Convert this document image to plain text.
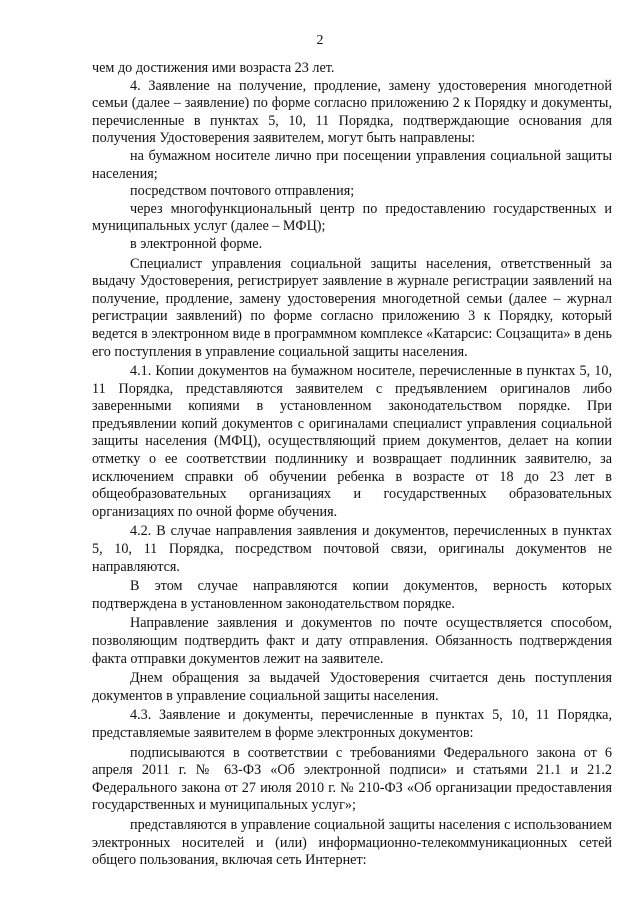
2

чем до достижения ими возраста 23 лет.

4. Заявление на получение, продление, замену удостоверения многодетной семьи (далее – заявление) по форме согласно приложению 2 к Порядку и документы, перечисленные в пунктах 5, 10, 11 Порядка, подтверждающие основания для получения Удостоверения заявителем, могут быть направлены:

на бумажном носителе лично при посещении управления социальной защиты населения;

посредством почтового отправления;

через многофункциональный центр по предоставлению государственных и муниципальных услуг (далее – МФЦ);

в электронной форме.

Специалист управления социальной защиты населения, ответственный за выдачу Удостоверения, регистрирует заявление в журнале регистрации заявлений на получение, продление, замену удостоверения многодетной семьи (далее – журнал регистрации заявлений) по форме согласно приложению 3 к Порядку, который ведется в электронном виде в программном комплексе «Катарсис: Соцзащита» в день его поступления в управление социальной защиты населения.

4.1. Копии документов на бумажном носителе, перечисленные в пунктах 5, 10, 11 Порядка, представляются заявителем с предъявлением оригиналов либо заверенными копиями в установленном законодательством порядке. При предъявлении копий документов с оригиналами специалист управления социальной защиты населения (МФЦ), осуществляющий прием документов, делает на копии отметку о ее соответствии подлиннику и возвращает подлинник заявителю, за исключением справки об обучении ребенка в возрасте от 18 до 23 лет в общеобразовательных организациях и государственных образовательных организациях по очной форме обучения.

4.2. В случае направления заявления и документов, перечисленных в пунктах 5, 10, 11 Порядка, посредством почтовой связи, оригиналы документов не направляются.

В этом случае направляются копии документов, верность которых подтверждена в установленном законодательством порядке.

Направление заявления и документов по почте осуществляется способом, позволяющим подтвердить факт и дату отправления. Обязанность подтверждения факта отправки документов лежит на заявителе.

Днем обращения за выдачей Удостоверения считается день поступления документов в управление социальной защиты населения.

4.3. Заявление и документы, перечисленные в пунктах 5, 10, 11 Порядка, представляемые заявителем в форме электронных документов:

подписываются в соответствии с требованиями Федерального закона от 6 апреля 2011 г. № 63-ФЗ «Об электронной подписи» и статьями 21.1 и 21.2 Федерального закона от 27 июля 2010 г. № 210-ФЗ «Об организации предоставления государственных и муниципальных услуг»;

представляются в управление социальной защиты населения с использованием электронных носителей и (или) информационно-телекоммуникационных сетей общего пользования, включая сеть Интернет:
